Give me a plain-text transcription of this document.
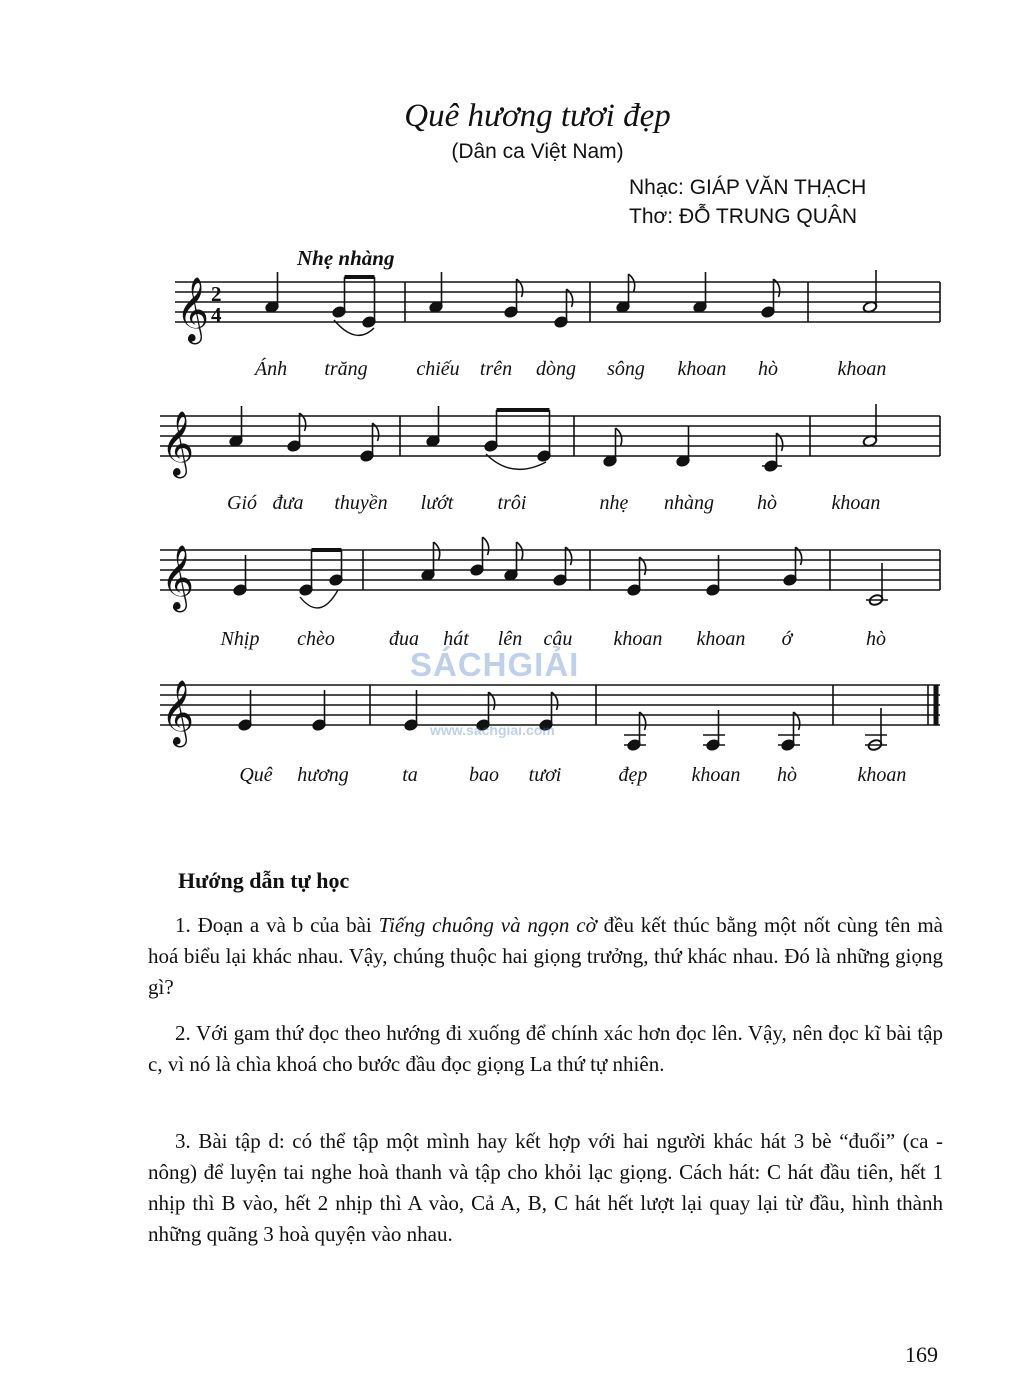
Quê hương tươi đẹp
(Dân ca Việt Nam)
Nhạc: GIÁP VĂN THẠCH
Thơ: ĐỖ TRUNG QUÂN
Nhẹ nhàng
𝄞 2
4
Ánh trăng chiếu trên dòng sông khoan hò	khoan
𝄞
Gió đưa thuyền lướt trôi	nhẹ nhàng hò	khoan
𝄞
Nhịp chèo	đua hát lên câu khoan khoan ớ	hò
𝄞
Quê hương	ta	bao tươi	đẹp khoan hò	khoan
SÁCHGIẢI
www.sachgiai.com
Hướng dẫn tự học
1. Đoạn a và b của bài Tiếng chuông và ngọn cờ đều kết thúc bằng một nốt cùng tên mà hoá biểu lại khác nhau. Vậy, chúng thuộc hai giọng trưởng, thứ khác nhau. Đó là những giọng gì?
2. Với gam thứ đọc theo hướng đi xuống để chính xác hơn đọc lên. Vậy, nên đọc kĩ bài tập c, vì nó là chìa khoá cho bước đầu đọc giọng La thứ tự nhiên.
3. Bài tập d: có thể tập một mình hay kết hợp với hai người khác hát 3 bè “đuổi” (ca - nông) để luyện tai nghe hoà thanh và tập cho khỏi lạc giọng. Cách hát: C hát đầu tiên, hết 1 nhịp thì B vào, hết 2 nhịp thì A vào, Cả A, B, C hát hết lượt lại quay lại từ đầu, hình thành những quãng 3 hoà quyện vào nhau.
169
